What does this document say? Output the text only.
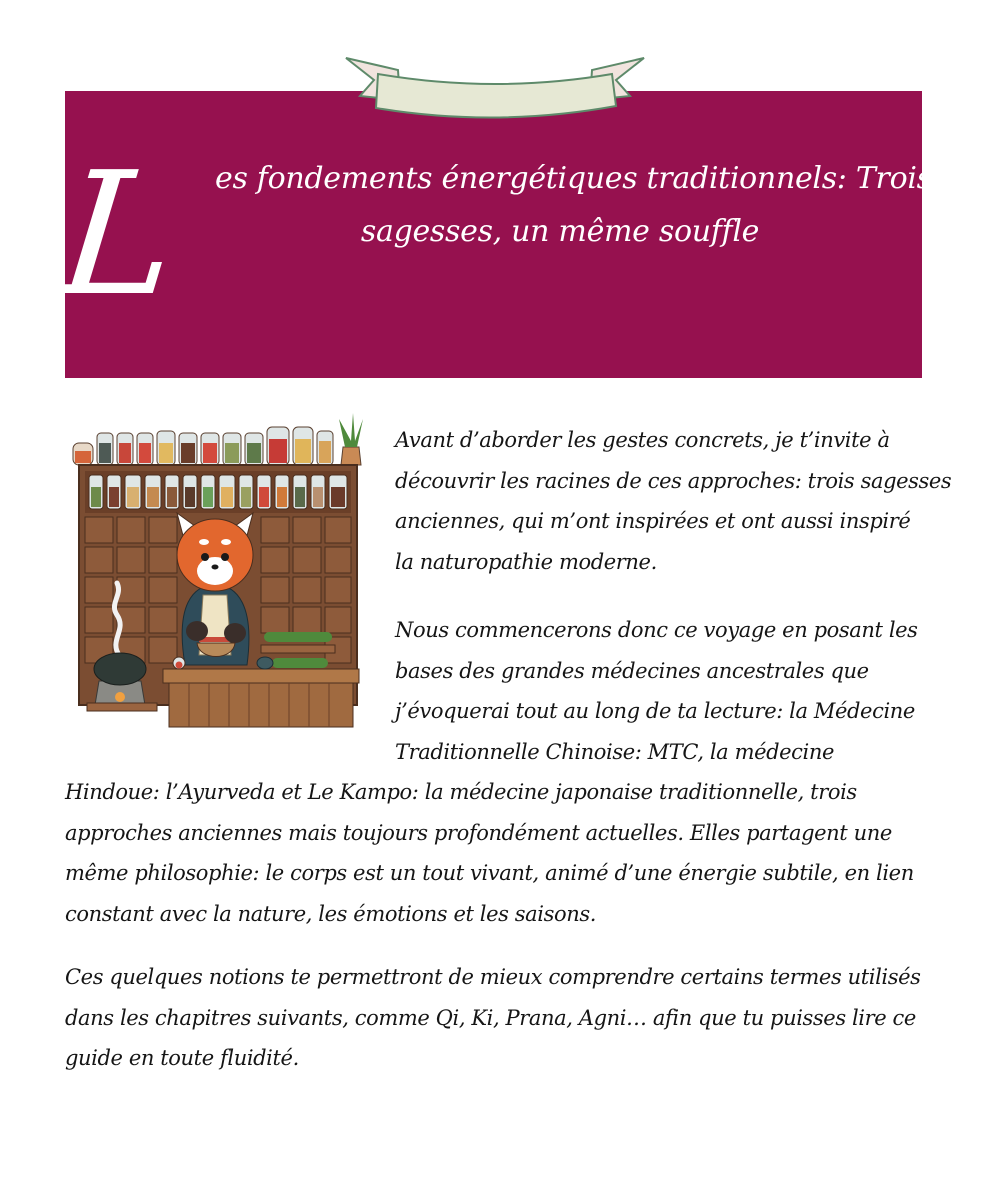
L es fondements énergétiques traditionnels: Trois
sagesses, un même souffle

Avant d’aborder les gestes concrets, je t’invite à
découvrir les racines de ces approches: trois sagesses
anciennes, qui m’ont inspirées et ont aussi inspiré
la naturopathie moderne.

Nous commencerons donc ce voyage en posant les
bases des grandes médecines ancestrales que
j’évoquerai tout au long de ta lecture: la Médecine
Traditionnelle Chinoise: MTC, la médecine

Hindoue: l’Ayurveda et Le Kampo: la médecine japonaise traditionnelle, trois
approches anciennes mais toujours profondément actuelles. Elles partagent une
même philosophie: le corps est un tout vivant, animé d’une énergie subtile, en lien
constant avec la nature, les émotions et les saisons.

Ces quelques notions te permettront de mieux comprendre certains termes utilisés
dans les chapitres suivants, comme Qi, Ki, Prana, Agni… afin que tu puisses lire ce
guide en toute fluidité.
